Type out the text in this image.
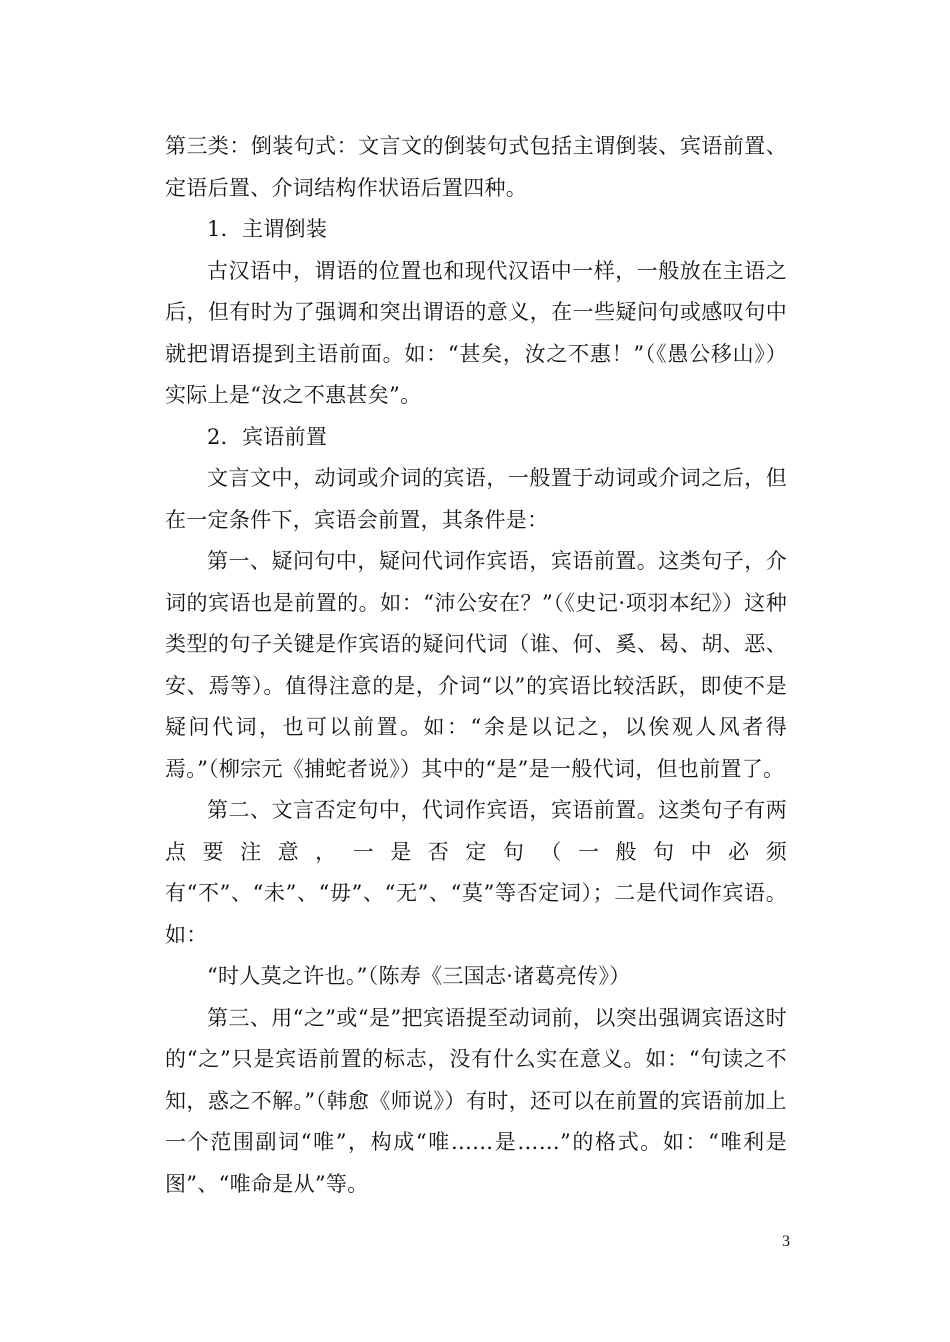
第三类：倒装句式：文言文的倒装句式包括主谓倒装、宾语前置、定语后置、介词结构作状语后置四种。

1．主谓倒装

古汉语中，谓语的位置也和现代汉语中一样，一般放在主语之后，但有时为了强调和突出谓语的意义，在一些疑问句或感叹句中就把谓语提到主语前面。如：“甚矣，汝之不惠！”（《愚公移山》）实际上是“汝之不惠甚矣”。

2．宾语前置

文言文中，动词或介词的宾语，一般置于动词或介词之后，但在一定条件下，宾语会前置，其条件是：

第一、疑问句中，疑问代词作宾语，宾语前置。这类句子，介词的宾语也是前置的。如：“沛公安在？”（《史记·项羽本纪》）这种类型的句子关键是作宾语的疑问代词（谁、何、奚、曷、胡、恶、安、焉等）。值得注意的是，介词“以”的宾语比较活跃，即使不是疑问代词，也可以前置。如：“余是以记之，以俟观人风者得焉。”（柳宗元《捕蛇者说》）其中的“是”是一般代词，但也前置了。

第二、文言否定句中，代词作宾语，宾语前置。这类句子有两点要注意，一是否定句（一般句中必须有“不”、“未”、“毋”、“无”、“莫”等否定词）；二是代词作宾语。如：

“时人莫之许也。”（陈寿《三国志·诸葛亮传》）

第三、用“之”或“是”把宾语提至动词前，以突出强调宾语这时的“之”只是宾语前置的标志，没有什么实在意义。如：“句读之不知，惑之不解。”（韩愈《师说》）有时，还可以在前置的宾语前加上一个范围副词“唯”，构成“唯……是……”的格式。如：“唯利是图”、“唯命是从”等。

3
